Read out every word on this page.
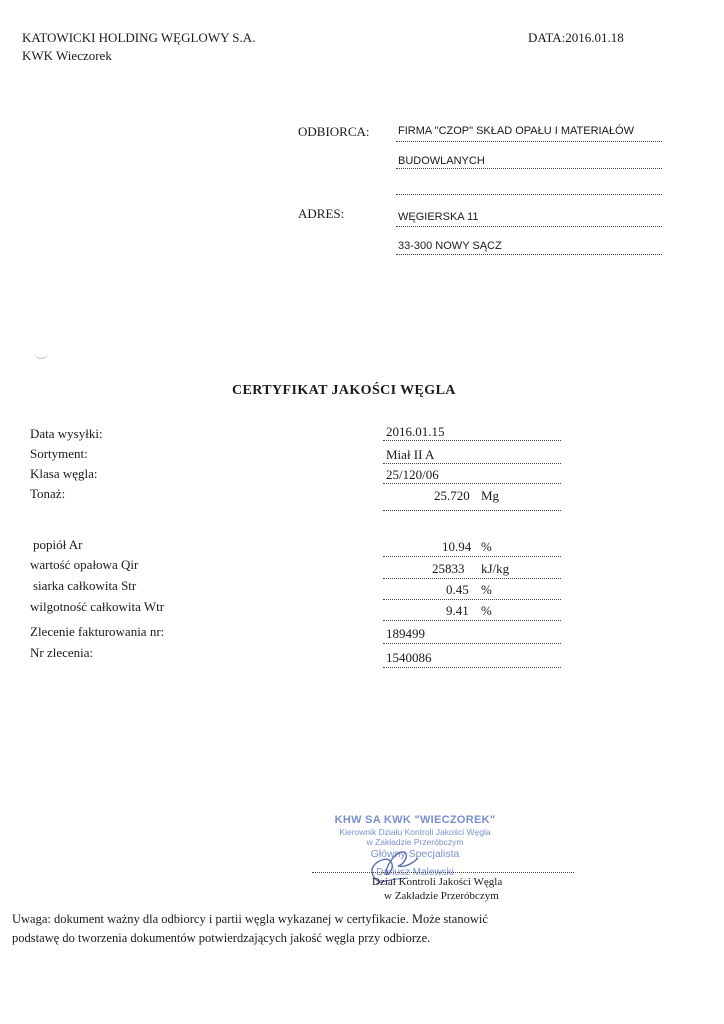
KATOWICKI HOLDING WĘGLOWY S.A.
KWK Wieczorek
DATA:2016.01.18
ODBIORCA:	FIRMA "CZOP" SKŁAD OPAŁU I MATERIAŁÓW
BUDOWLANYCH
ADRES:	WĘGIERSKA 11
33-300 NOWY SĄCZ
CERTYFIKAT JAKOŚCI WĘGLA
Data wysyłki:	2016.01.15
Sortyment:	Miał II A
Klasa węgla:	25/120/06
Tonaż:	25.720 Mg
popiół Ar	10.94 %
wartość opałowa Qir	25833 kJ/kg
siarka całkowita Str	0.45 %
wilgotność całkowita Wtr	9.41 %
Zlecenie fakturowania nr:	189499
Nr zlecenia:	1540086
KHW SA KWK "WIECZOREK"
Kierownik Działu Kontroli Jakości Węgla
w Zakładzie Przeróbczym
Główny Specjalista
Dariusz Malewski
Dział Kontroli Jakości Węgla
w Zakładzie Przeróbczym
Uwaga: dokument ważny dla odbiorcy i partii węgla wykazanej w certyfikacie. Może stanowić
podstawę do tworzenia dokumentów potwierdzających jakość węgla przy odbiorze.
